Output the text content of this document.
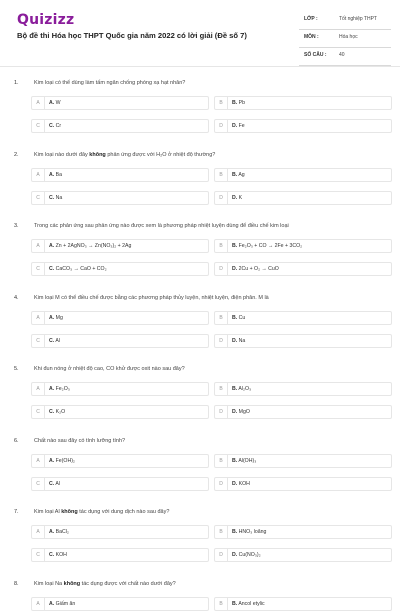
Quizizz
Bộ đề thi Hóa học THPT Quốc gia năm 2022 có lời giải (Đề số 7)
LỚP :	Tốt nghiệp THPT
MÔN :	Hóa học
SỐ CÂU :	40
1.	Kim loại có thể dùng làm tấm ngăn chống phóng xạ hạt nhân?
A	A. W	B	B. Pb
C	C. Cr	D	D. Fe
2.	Kim loại nào dưới đây không phản ứng được với H₂O ở nhiệt độ thường?
A	A. Ba	B	B. Ag
C	C. Na	D	D. K
3.	Trong các phản ứng sau phản ứng nào được xem là phương pháp nhiệt luyện dùng để điều chế kim loại
A	A. Zn + 2AgNO₃ → Zn(NO₃)₂ + 2Ag	B	B. Fe₂O₃ + CO → 2Fe + 3CO₂
C	C. CaCO₃ → CaO + CO₂	D	D. 2Cu + O₂ → CuO
4.	Kim loại M có thể điều chế được bằng các phương pháp thủy luyện, nhiệt luyện, điện phân. M là
A	A. Mg	B	B. Cu
C	C. Al	D	D. Na
5.	Khi đun nóng ở nhiệt độ cao, CO khử được oxit nào sau đây?
A	A. Fe₂O₃	B	B. Al₂O₃
C	C. K₂O	D	D. MgO
6.	Chất nào sau đây có tính lưỡng tính?
A	A. Fe(OH)₂	B	B. Al(OH)₃
C	C. Al	D	D. KOH
7.	Kim loại Al không tác dụng với dung dịch nào sau đây?
A	A. BaCl₂	B	B. HNO₃ loãng
C	C. KOH	D	D. Cu(NO₃)₂
8.	Kim loại Na không tác dụng được với chất nào dưới đây?
A	A. Giấm ăn	B	B. Ancol etylic
